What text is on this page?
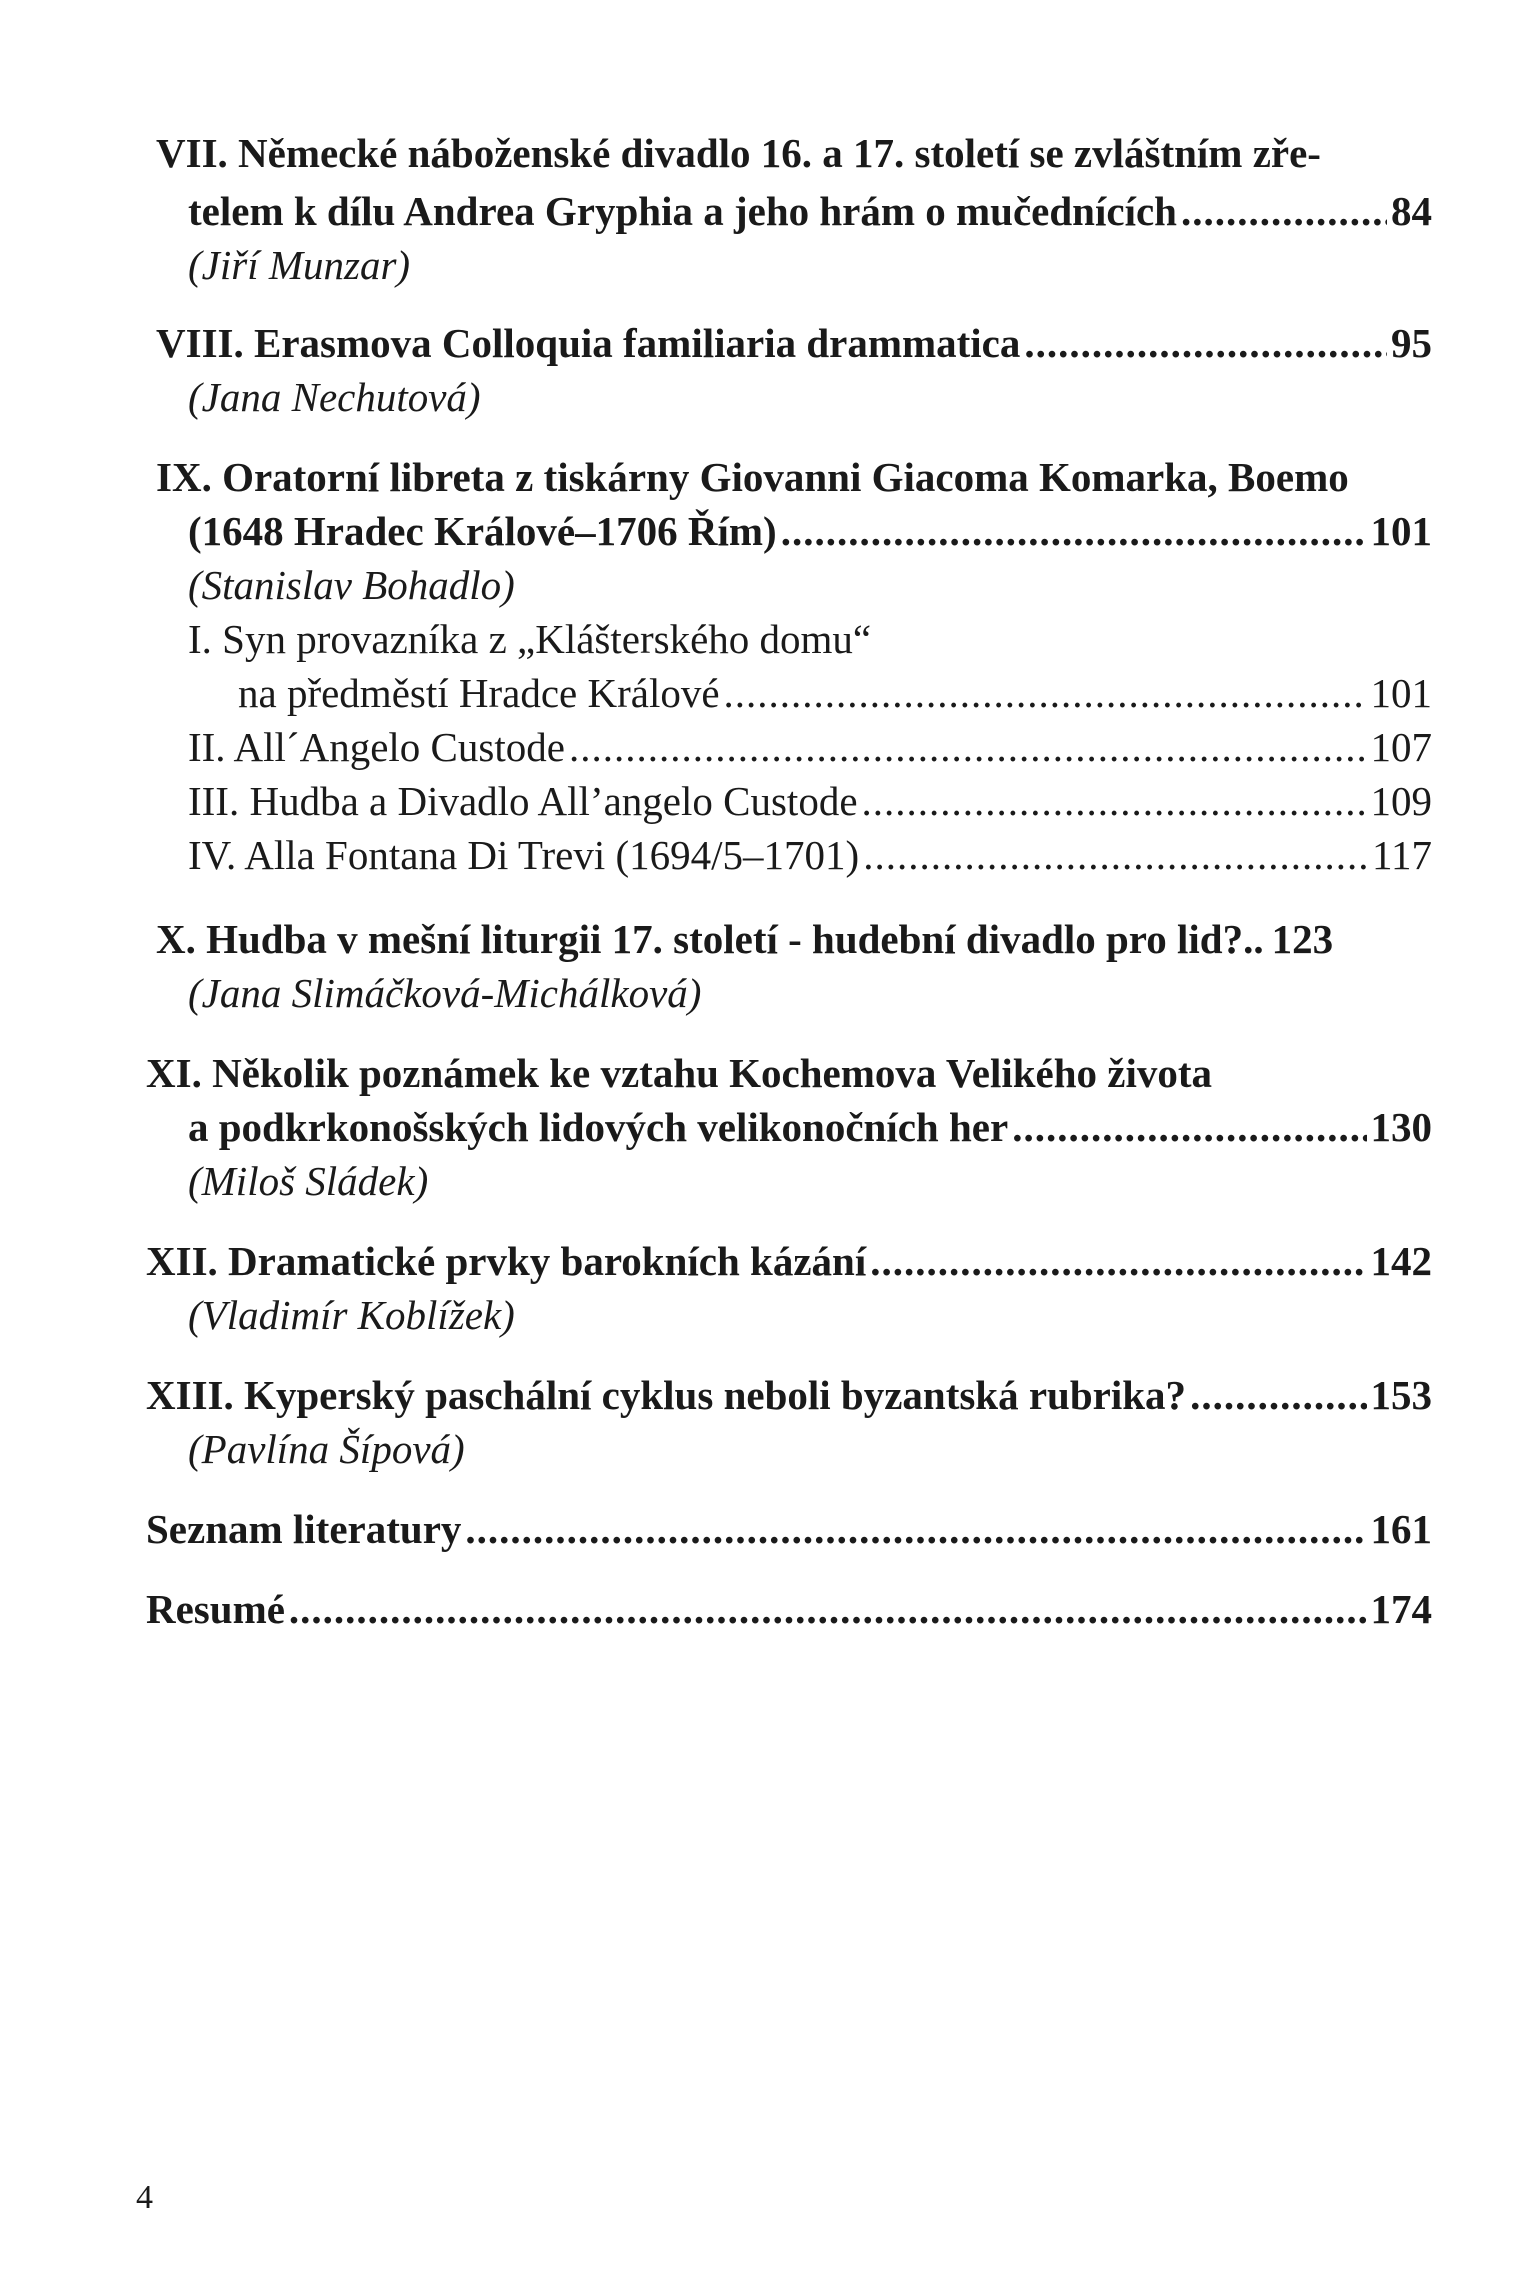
VII. Německé náboženské divadlo 16. a 17. století se zvláštním zře-
telem k dílu Andrea Gryphia a jeho hrám o mučednících .....	84
(Jiří Munzar)
VIII. Erasmova Colloquia familiaria drammatica .....	95
(Jana Nechutová)
IX. Oratorní libreta z tiskárny Giovanni Giacoma Komarka, Boemo
(1648 Hradec Králové–1706 Řím) .....	101
(Stanislav Bohadlo)
I. Syn provazníka z „Klášterského domu“
na předměstí Hradce Králové .....	101
II. All´Angelo Custode .....	107
III. Hudba a Divadlo All’angelo Custode .....	109
IV. Alla Fontana Di Trevi (1694/5–1701) .....	117
X. Hudba v mešní liturgii 17. století - hudební divadlo pro lid?.. 123
(Jana Slimáčková-Michálková)
XI. Několik poznámek ke vztahu Kochemova Velikého života
a podkrkonošských lidových velikonočních her .....	130
(Miloš Sládek)
XII. Dramatické prvky barokních kázání .....	142
(Vladimír Koblížek)
XIII. Kyperský paschální cyklus neboli byzantská rubrika? .....	153
(Pavlína Šípová)
Seznam literatury .....	161
Resumé .....	174
4
